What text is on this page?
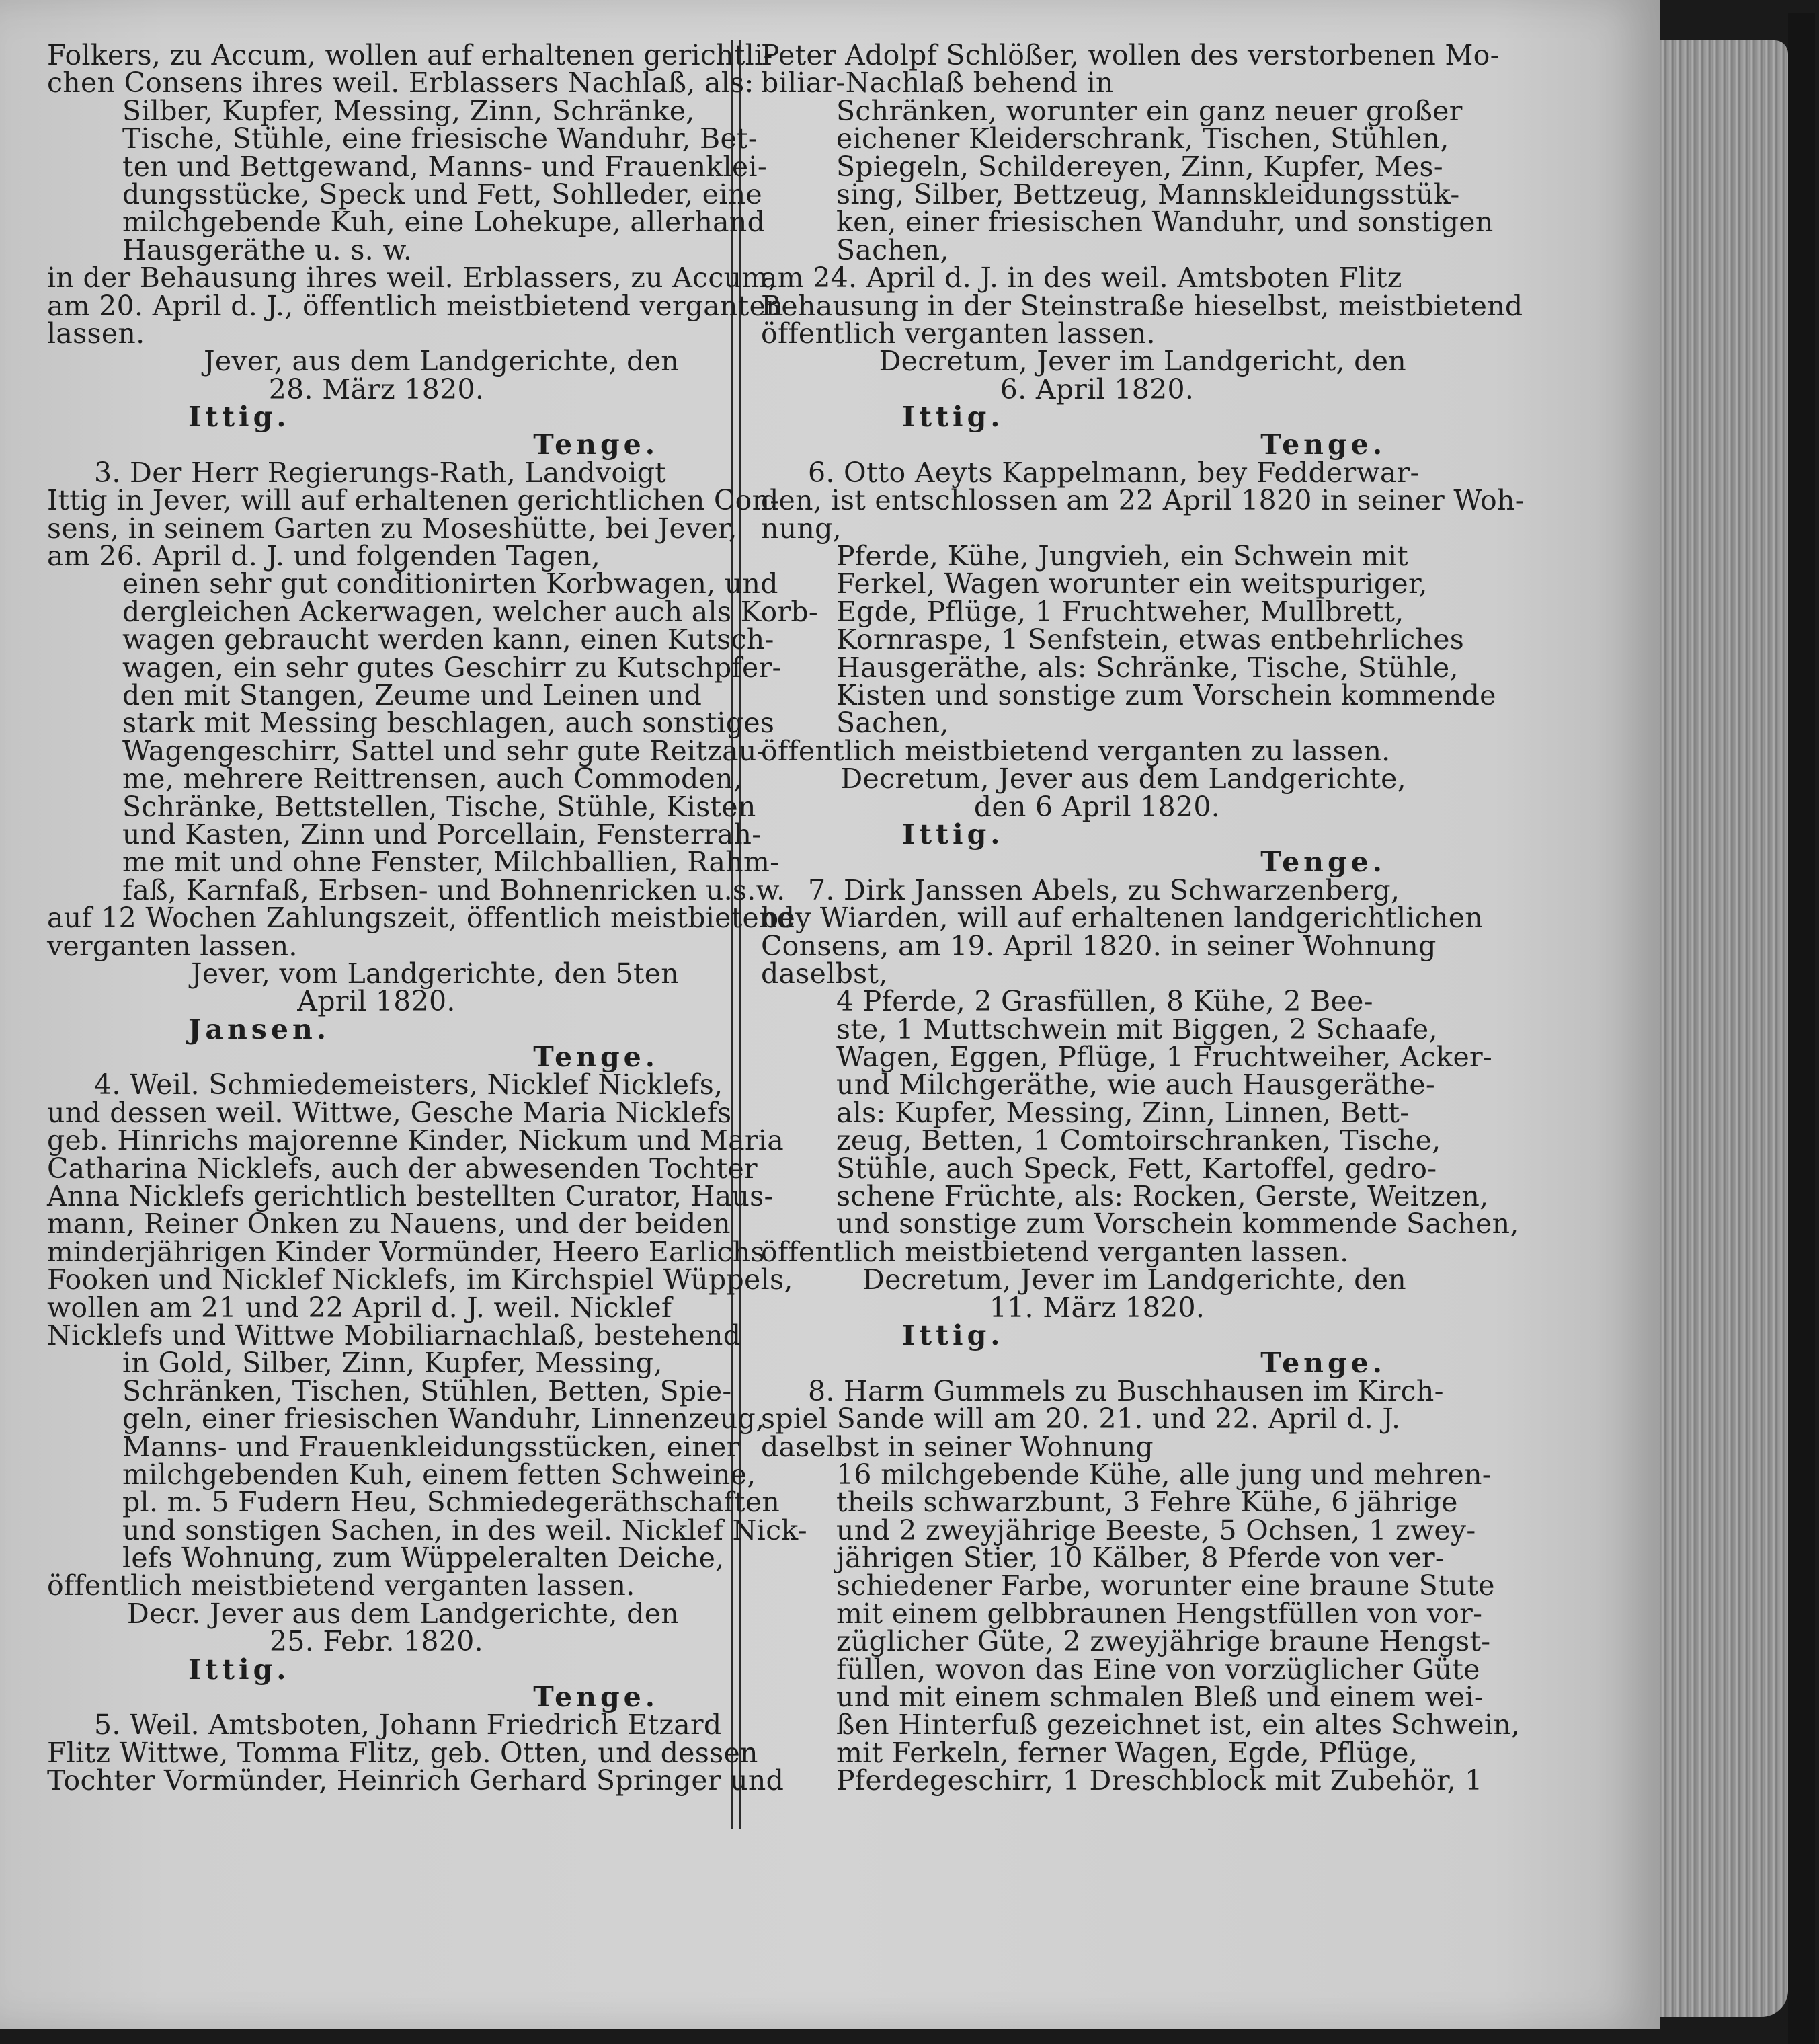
Folkers, zu Accum, wollen auf erhaltenen gerichtli-
chen Consens ihres weil. Erblassers Nachlaß, als:
Silber, Kupfer, Messing, Zinn, Schränke,
Tische, Stühle, eine friesische Wanduhr, Bet-
ten und Bettgewand, Manns- und Frauenklei-
dungsstücke, Speck und Fett, Sohlleder, eine
milchgebende Kuh, eine Lohekupe, allerhand
Hausgeräthe u. s. w.
in der Behausung ihres weil. Erblassers, zu Accum,
am 20. April d. J., öffentlich meistbietend verganten
lassen.
Jever, aus dem Landgerichte, den
28. März 1820.
Ittig.
Tenge.
3. Der Herr Regierungs-Rath, Landvoigt
Ittig in Jever, will auf erhaltenen gerichtlichen Con-
sens, in seinem Garten zu Moseshütte, bei Jever,
am 26. April d. J. und folgenden Tagen,
einen sehr gut conditionirten Korbwagen, und
dergleichen Ackerwagen, welcher auch als Korb-
wagen gebraucht werden kann, einen Kutsch-
wagen, ein sehr gutes Geschirr zu Kutschpfer-
den mit Stangen, Zeume und Leinen und
stark mit Messing beschlagen, auch sonstiges
Wagengeschirr, Sattel und sehr gute Reitzau-
me, mehrere Reittrensen, auch Commoden,
Schränke, Bettstellen, Tische, Stühle, Kisten
und Kasten, Zinn und Porcellain, Fensterrah-
me mit und ohne Fenster, Milchballien, Rahm-
faß, Karnfaß, Erbsen- und Bohnenricken u.s.w.
auf 12 Wochen Zahlungszeit, öffentlich meistbietend
verganten lassen.
Jever, vom Landgerichte, den 5ten
April 1820.
Jansen.
Tenge.
4. Weil. Schmiedemeisters, Nicklef Nicklefs,
und dessen weil. Wittwe, Gesche Maria Nicklefs
geb. Hinrichs majorenne Kinder, Nickum und Maria
Catharina Nicklefs, auch der abwesenden Tochter
Anna Nicklefs gerichtlich bestellten Curator, Haus-
mann, Reiner Onken zu Nauens, und der beiden
minderjährigen Kinder Vormünder, Heero Earlichs
Fooken und Nicklef Nicklefs, im Kirchspiel Wüppels,
wollen am 21 und 22 April d. J. weil. Nicklef
Nicklefs und Wittwe Mobiliarnachlaß, bestehend
in Gold, Silber, Zinn, Kupfer, Messing,
Schränken, Tischen, Stühlen, Betten, Spie-
geln, einer friesischen Wanduhr, Linnenzeug,
Manns- und Frauenkleidungsstücken, einer
milchgebenden Kuh, einem fetten Schweine,
pl. m. 5 Fudern Heu, Schmiedegeräthschaften
und sonstigen Sachen, in des weil. Nicklef Nick-
lefs Wohnung, zum Wüppeleralten Deiche,
öffentlich meistbietend verganten lassen.
Decr. Jever aus dem Landgerichte, den
25. Febr. 1820.
Ittig.
Tenge.
5. Weil. Amtsboten, Johann Friedrich Etzard
Flitz Wittwe, Tomma Flitz, geb. Otten, und dessen
Tochter Vormünder, Heinrich Gerhard Springer und
Peter Adolpf Schlößer, wollen des verstorbenen Mo-
biliar-Nachlaß behend in
Schränken, worunter ein ganz neuer großer
eichener Kleiderschrank, Tischen, Stühlen,
Spiegeln, Schildereyen, Zinn, Kupfer, Mes-
sing, Silber, Bettzeug, Mannskleidungsstük-
ken, einer friesischen Wanduhr, und sonstigen
Sachen,
am 24. April d. J. in des weil. Amtsboten Flitz
Behausung in der Steinstraße hieselbst, meistbietend
öffentlich verganten lassen.
Decretum, Jever im Landgericht, den
6. April 1820.
Ittig.
Tenge.
6. Otto Aeyts Kappelmann, bey Fedderwar-
den, ist entschlossen am 22 April 1820 in seiner Woh-
nung,
Pferde, Kühe, Jungvieh, ein Schwein mit
Ferkel, Wagen worunter ein weitspuriger,
Egde, Pflüge, 1 Fruchtweher, Mullbrett,
Kornraspe, 1 Senfstein, etwas entbehrliches
Hausgeräthe, als: Schränke, Tische, Stühle,
Kisten und sonstige zum Vorschein kommende
Sachen,
öffentlich meistbietend verganten zu lassen.
Decretum, Jever aus dem Landgerichte,
den 6 April 1820.
Ittig.
Tenge.
7. Dirk Janssen Abels, zu Schwarzenberg,
bey Wiarden, will auf erhaltenen landgerichtlichen
Consens, am 19. April 1820. in seiner Wohnung
daselbst,
4 Pferde, 2 Grasfüllen, 8 Kühe, 2 Bee-
ste, 1 Muttschwein mit Biggen, 2 Schaafe,
Wagen, Eggen, Pflüge, 1 Fruchtweiher, Acker-
und Milchgeräthe, wie auch Hausgeräthe-
als: Kupfer, Messing, Zinn, Linnen, Bett-
zeug, Betten, 1 Comtoirschranken, Tische,
Stühle, auch Speck, Fett, Kartoffel, gedro-
schene Früchte, als: Rocken, Gerste, Weitzen,
und sonstige zum Vorschein kommende Sachen,
öffentlich meistbietend verganten lassen.
Decretum, Jever im Landgerichte, den
11. März 1820.
Ittig.
Tenge.
8. Harm Gummels zu Buschhausen im Kirch-
spiel Sande will am 20. 21. und 22. April d. J.
daselbst in seiner Wohnung
16 milchgebende Kühe, alle jung und mehren-
theils schwarzbunt, 3 Fehre Kühe, 6 jährige
und 2 zweyjährige Beeste, 5 Ochsen, 1 zwey-
jährigen Stier, 10 Kälber, 8 Pferde von ver-
schiedener Farbe, worunter eine braune Stute
mit einem gelbbraunen Hengstfüllen von vor-
züglicher Güte, 2 zweyjährige braune Hengst-
füllen, wovon das Eine von vorzüglicher Güte
und mit einem schmalen Bleß und einem wei-
ßen Hinterfuß gezeichnet ist, ein altes Schwein,
mit Ferkeln, ferner Wagen, Egde, Pflüge,
Pferdegeschirr, 1 Dreschblock mit Zubehör, 1
